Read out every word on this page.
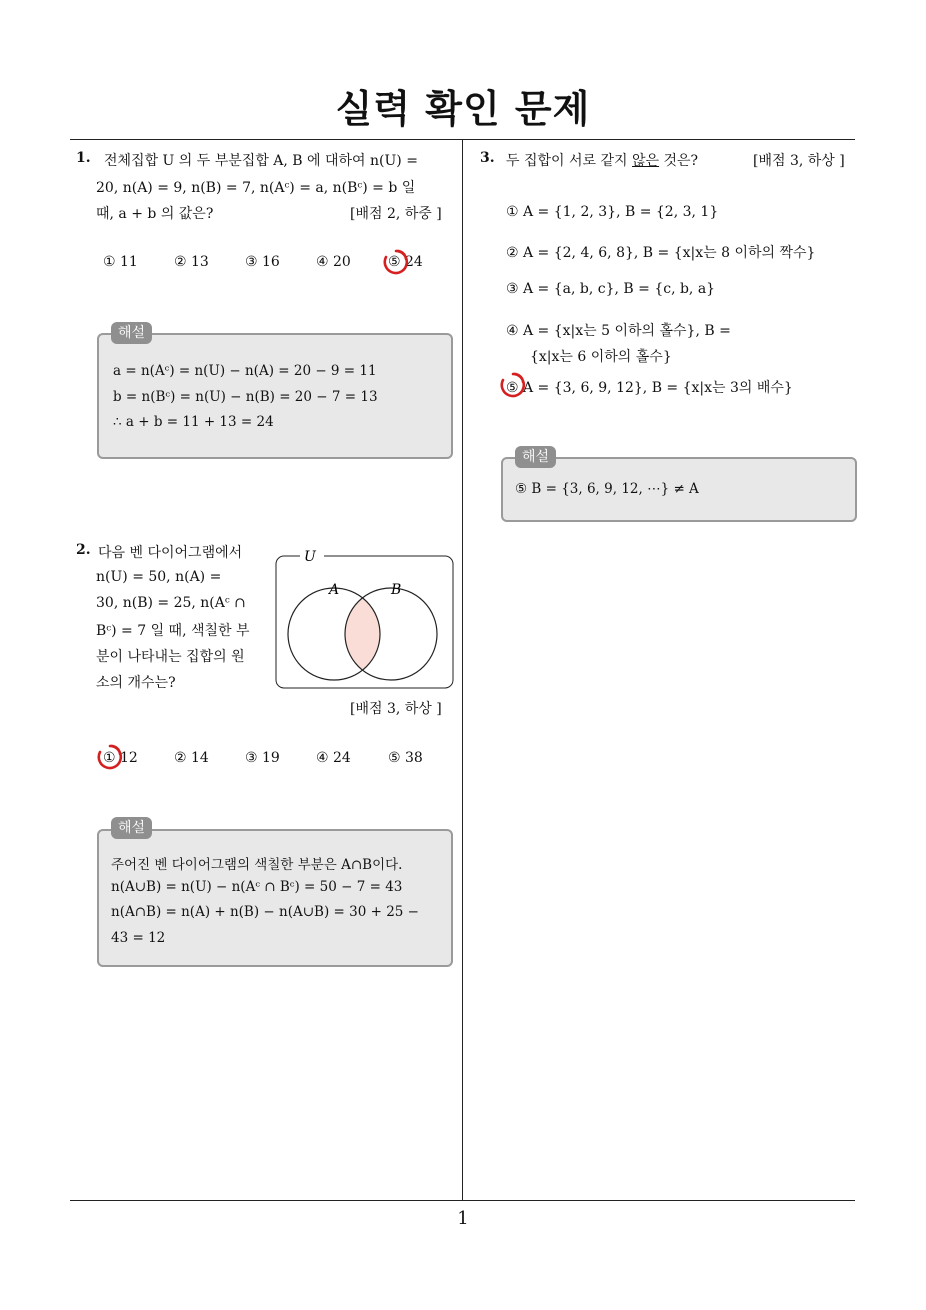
실력 확인 문제
1
1. 전체집합 U 의 두 부분집합 A, B 에 대하여 n(U) =
20, n(A) = 9, n(B) = 7, n(Aᶜ) = a, n(Bᶜ) = b 일
때, a + b 의 값은?	[배점 2, 하중 ]
① 11	② 13	③ 16	④ 20	⑤ 24
a = n(Aᶜ) = n(U) − n(A) = 20 − 9 = 11
b = n(Bᶜ) = n(U) − n(B) = 20 − 7 = 13
∴ a + b = 11 + 13 = 24
해설
2. 다음 벤 다이어그램에서
n(U) = 50, n(A) =
30, n(B) = 25, n(Aᶜ ∩
Bᶜ) = 7 일 때, 색칠한 부
분이 나타내는 집합의 원
소의 개수는?
U
A	B
[배점 3, 하상 ]
① 12	② 14	③ 19	④ 24	⑤ 38
주어진 벤 다이어그램의 색칠한 부분은 A∩B이다.
n(A∪B) = n(U) − n(Aᶜ ∩ Bᶜ) = 50 − 7 = 43
n(A∩B) = n(A) + n(B) − n(A∪B) = 30 + 25 −
43 = 12
해설
3. 두 집합이 서로 같지 않은 것은?	[배점 3, 하상 ]
① A = {1, 2, 3}, B = {2, 3, 1}
② A = {2, 4, 6, 8}, B = {x|x는 8 이하의 짝수}
③ A = {a, b, c}, B = {c, b, a}
④ A = {x|x는 5 이하의 홀수}, B =
{x|x는 6 이하의 홀수}
⑤ A = {3, 6, 9, 12}, B = {x|x는 3의 배수}
⑤ B = {3, 6, 9, 12, ⋯} ≠ A
해설
